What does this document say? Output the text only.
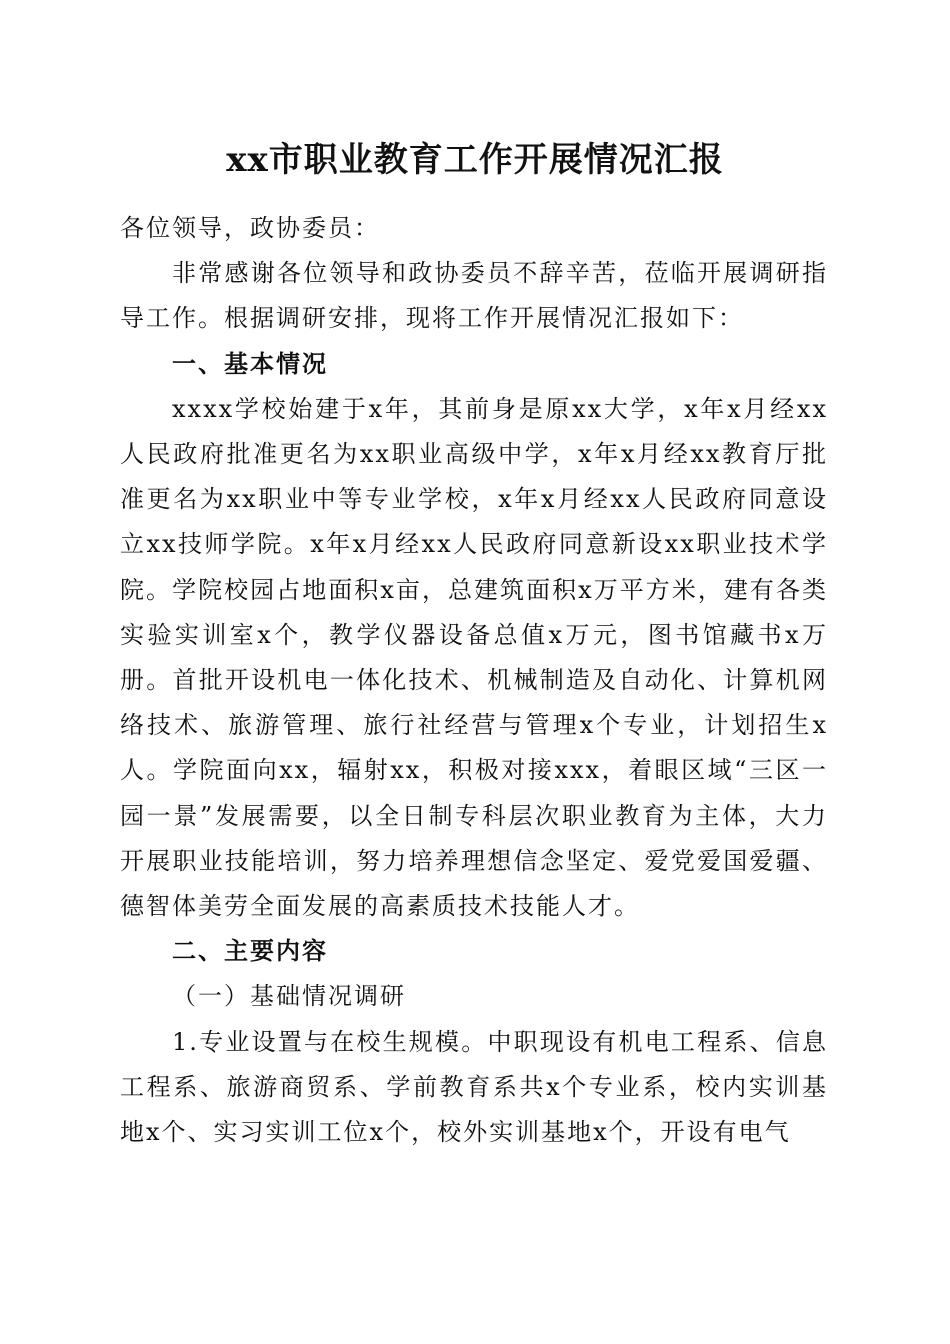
xx市职业教育工作开展情况汇报

各位领导，政协委员：

非常感谢各位领导和政协委员不辞辛苦，莅临开展调研指导工作。根据调研安排，现将工作开展情况汇报如下：

一、基本情况

xxxx学校始建于x年，其前身是原xx大学，x年x月经xx人民政府批准更名为xx职业高级中学，x年x月经xx教育厅批准更名为xx职业中等专业学校，x年x月经xx人民政府同意设立xx技师学院。x年x月经xx人民政府同意新设xx职业技术学院。学院校园占地面积x亩，总建筑面积x万平方米，建有各类实验实训室x个，教学仪器设备总值x万元，图书馆藏书x万册。首批开设机电一体化技术、机械制造及自动化、计算机网络技术、旅游管理、旅行社经营与管理x个专业，计划招生x人。学院面向xx，辐射xx，积极对接xxx，着眼区域“三区一园一景”发展需要，以全日制专科层次职业教育为主体，大力开展职业技能培训，努力培养理想信念坚定、爱党爱国爱疆、德智体美劳全面发展的高素质技术技能人才。

二、主要内容

（一）基础情况调研

1.专业设置与在校生规模。中职现设有机电工程系、信息工程系、旅游商贸系、学前教育系共x个专业系，校内实训基地x个、实习实训工位x个，校外实训基地x个，开设有电气
